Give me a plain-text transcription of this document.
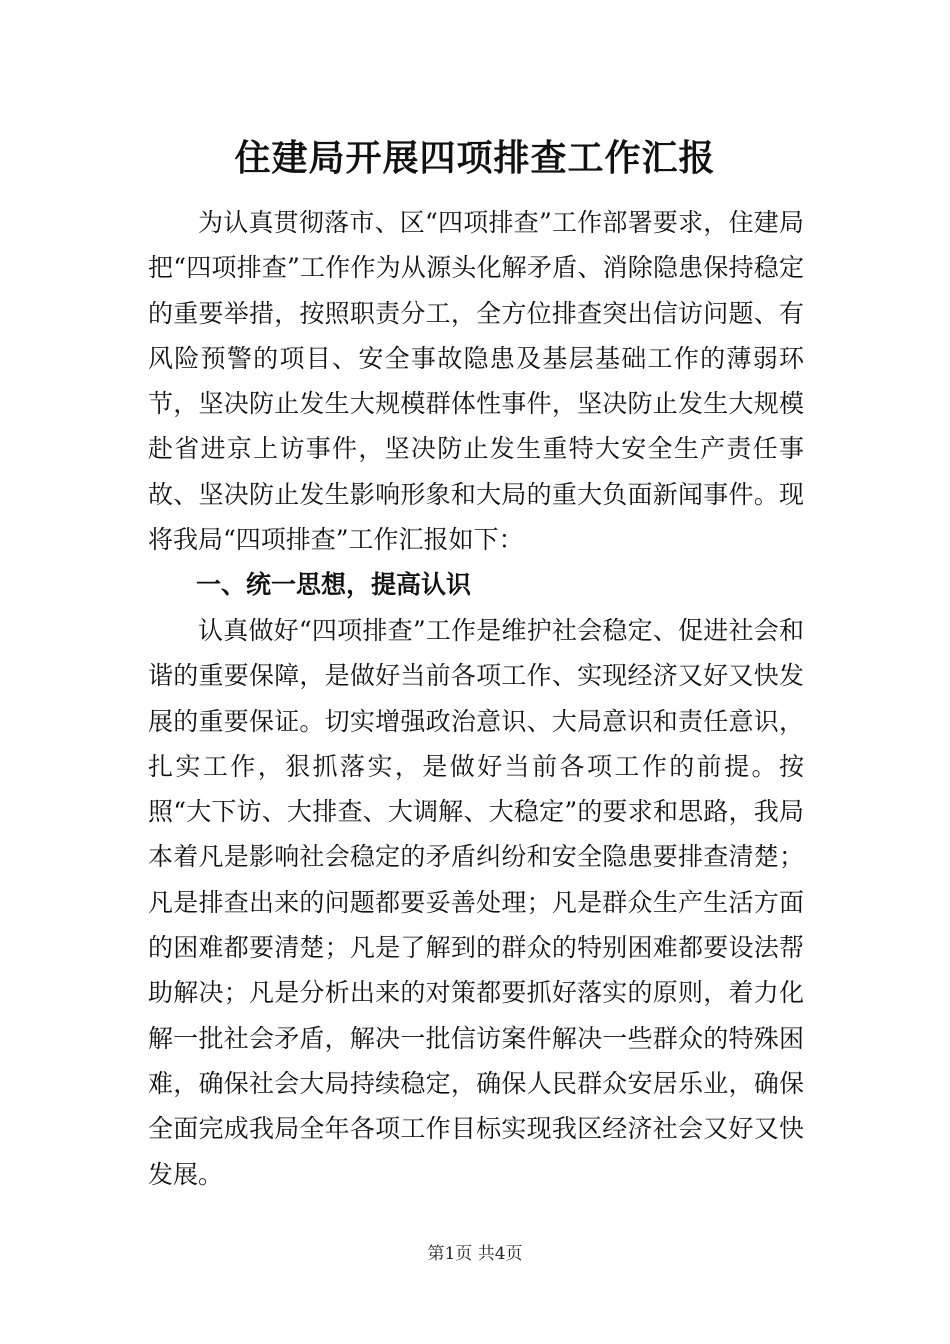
住建局开展四项排查工作汇报

为认真贯彻落市、区“四项排查”工作部署要求，住建局把“四项排查”工作作为从源头化解矛盾、消除隐患保持稳定的重要举措，按照职责分工，全方位排查突出信访问题、有风险预警的项目、安全事故隐患及基层基础工作的薄弱环节，坚决防止发生大规模群体性事件，坚决防止发生大规模赴省进京上访事件，坚决防止发生重特大安全生产责任事故、坚决防止发生影响形象和大局的重大负面新闻事件。现将我局“四项排查”工作汇报如下：

一、统一思想，提高认识

认真做好“四项排查”工作是维护社会稳定、促进社会和谐的重要保障，是做好当前各项工作、实现经济又好又快发展的重要保证。切实增强政治意识、大局意识和责任意识，扎实工作，狠抓落实，是做好当前各项工作的前提。按照“大下访、大排查、大调解、大稳定”的要求和思路，我局本着凡是影响社会稳定的矛盾纠纷和安全隐患要排查清楚；凡是排查出来的问题都要妥善处理；凡是群众生产生活方面的困难都要清楚；凡是了解到的群众的特别困难都要设法帮助解决；凡是分析出来的对策都要抓好落实的原则，着力化解一批社会矛盾，解决一批信访案件解决一些群众的特殊困难，确保社会大局持续稳定，确保人民群众安居乐业，确保全面完成我局全年各项工作目标实现我区经济社会又好又快发展。

第1页 共4页
